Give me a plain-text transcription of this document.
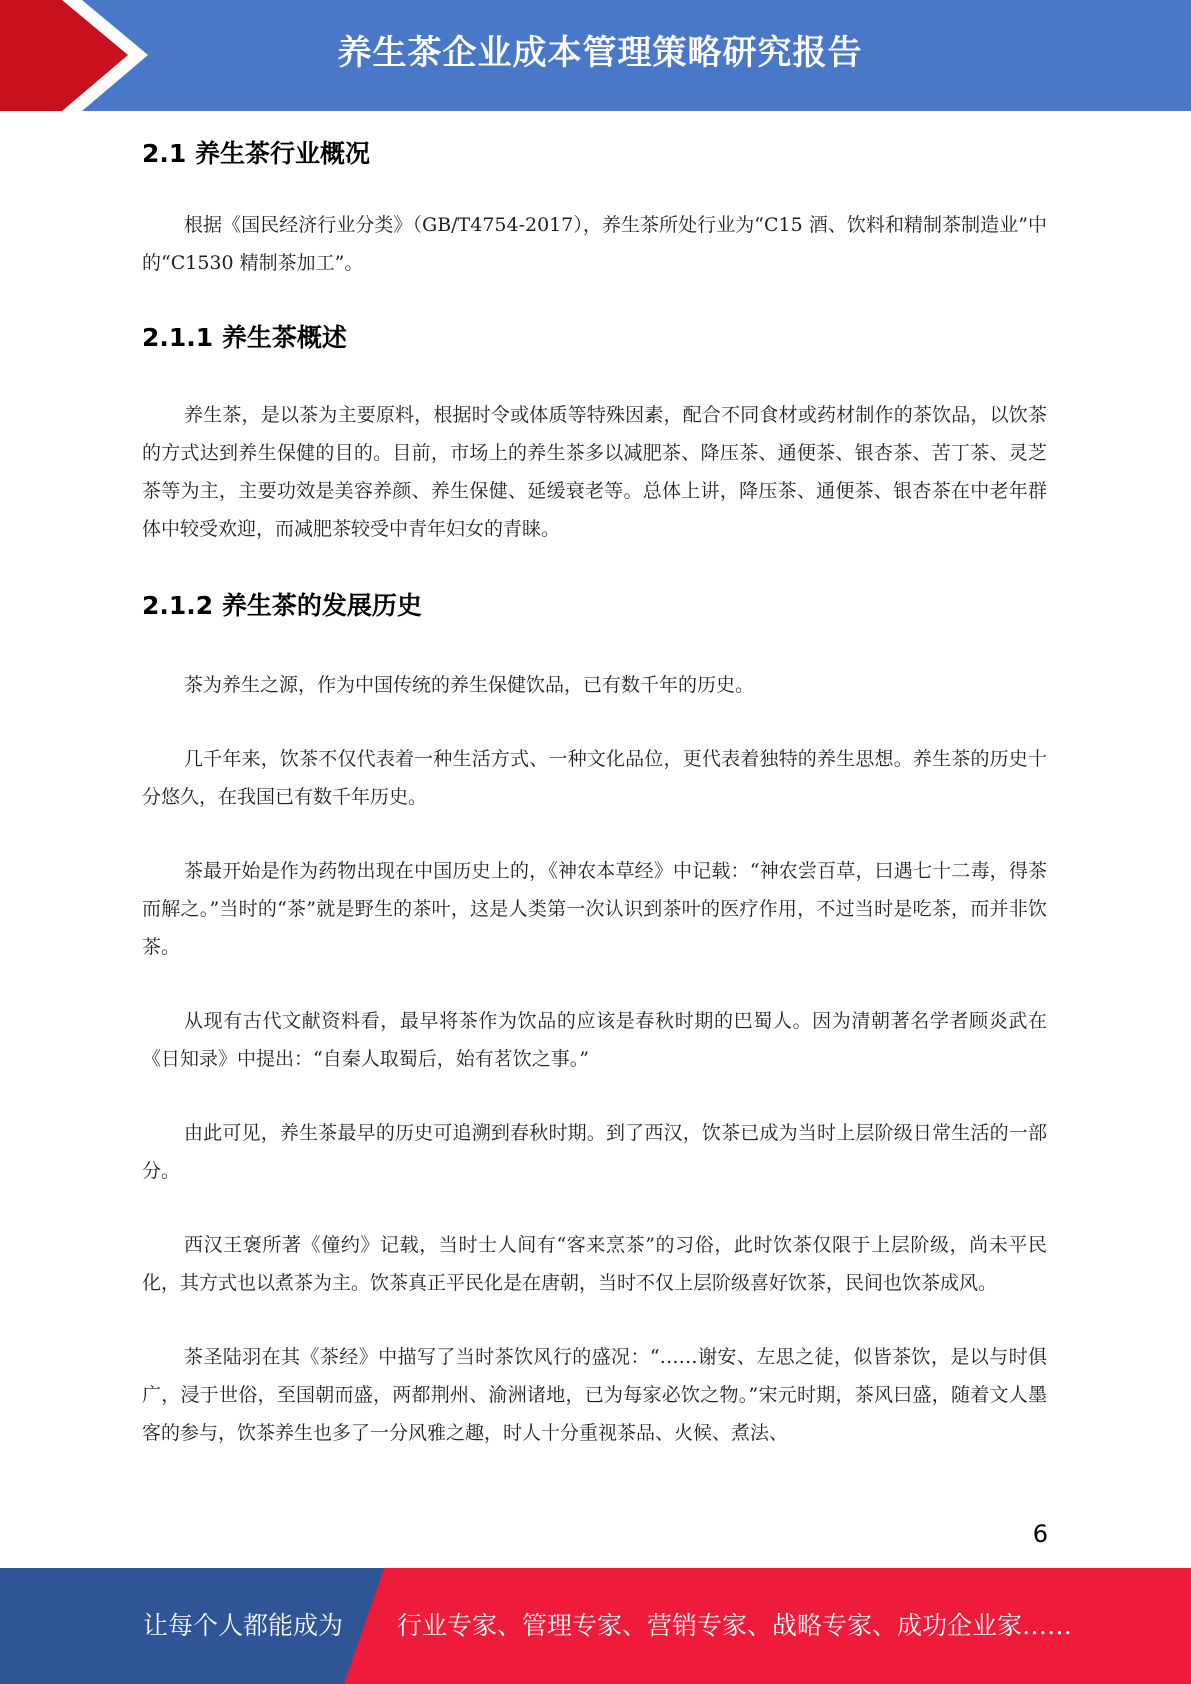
养生茶企业成本管理策略研究报告
2.1 养生茶行业概况

根据《国民经济行业分类》（GB/T4754-2017），养生茶所处行业为“C15 酒、饮料和精制茶制造业”中的“C1530 精制茶加工”。

2.1.1 养生茶概述

养生茶，是以茶为主要原料，根据时令或体质等特殊因素，配合不同食材或药材制作的茶饮品，以饮茶的方式达到养生保健的目的。目前，市场上的养生茶多以减肥茶、降压茶、通便茶、银杏茶、苦丁茶、灵芝茶等为主，主要功效是美容养颜、养生保健、延缓衰老等。总体上讲，降压茶、通便茶、银杏茶在中老年群体中较受欢迎，而减肥茶较受中青年妇女的青睐。

2.1.2 养生茶的发展历史

茶为养生之源，作为中国传统的养生保健饮品，已有数千年的历史。

几千年来，饮茶不仅代表着一种生活方式、一种文化品位，更代表着独特的养生思想。养生茶的历史十分悠久，在我国已有数千年历史。

茶最开始是作为药物出现在中国历史上的，《神农本草经》中记载：“神农尝百草，曰遇七十二毒，得茶而解之。”当时的“茶”就是野生的茶叶，这是人类第一次认识到茶叶的医疗作用，不过当时是吃茶，而并非饮茶。

从现有古代文献资料看，最早将茶作为饮品的应该是春秋时期的巴蜀人。因为清朝著名学者顾炎武在《日知录》中提出：“自秦人取蜀后，始有茗饮之事。”

由此可见，养生茶最早的历史可追溯到春秋时期。到了西汉，饮茶已成为当时上层阶级日常生活的一部分。

西汉王褒所著《僮约》记载，当时士人间有“客来烹茶”的习俗，此时饮茶仅限于上层阶级，尚未平民化，其方式也以煮茶为主。饮茶真正平民化是在唐朝，当时不仅上层阶级喜好饮茶，民间也饮茶成风。

茶圣陆羽在其《茶经》中描写了当时茶饮风行的盛况：“……谢安、左思之徒，似皆茶饮，是以与时俱广，浸于世俗，至国朝而盛，两都荆州、渝洲诸地，已为每家必饮之物。”宋元时期，茶风曰盛，随着文人墨客的参与，饮茶养生也多了一分风雅之趣，时人十分重视茶品、火候、煮法、

6
让每个人都能成为 行业专家、管理专家、营销专家、战略专家、成功企业家……
